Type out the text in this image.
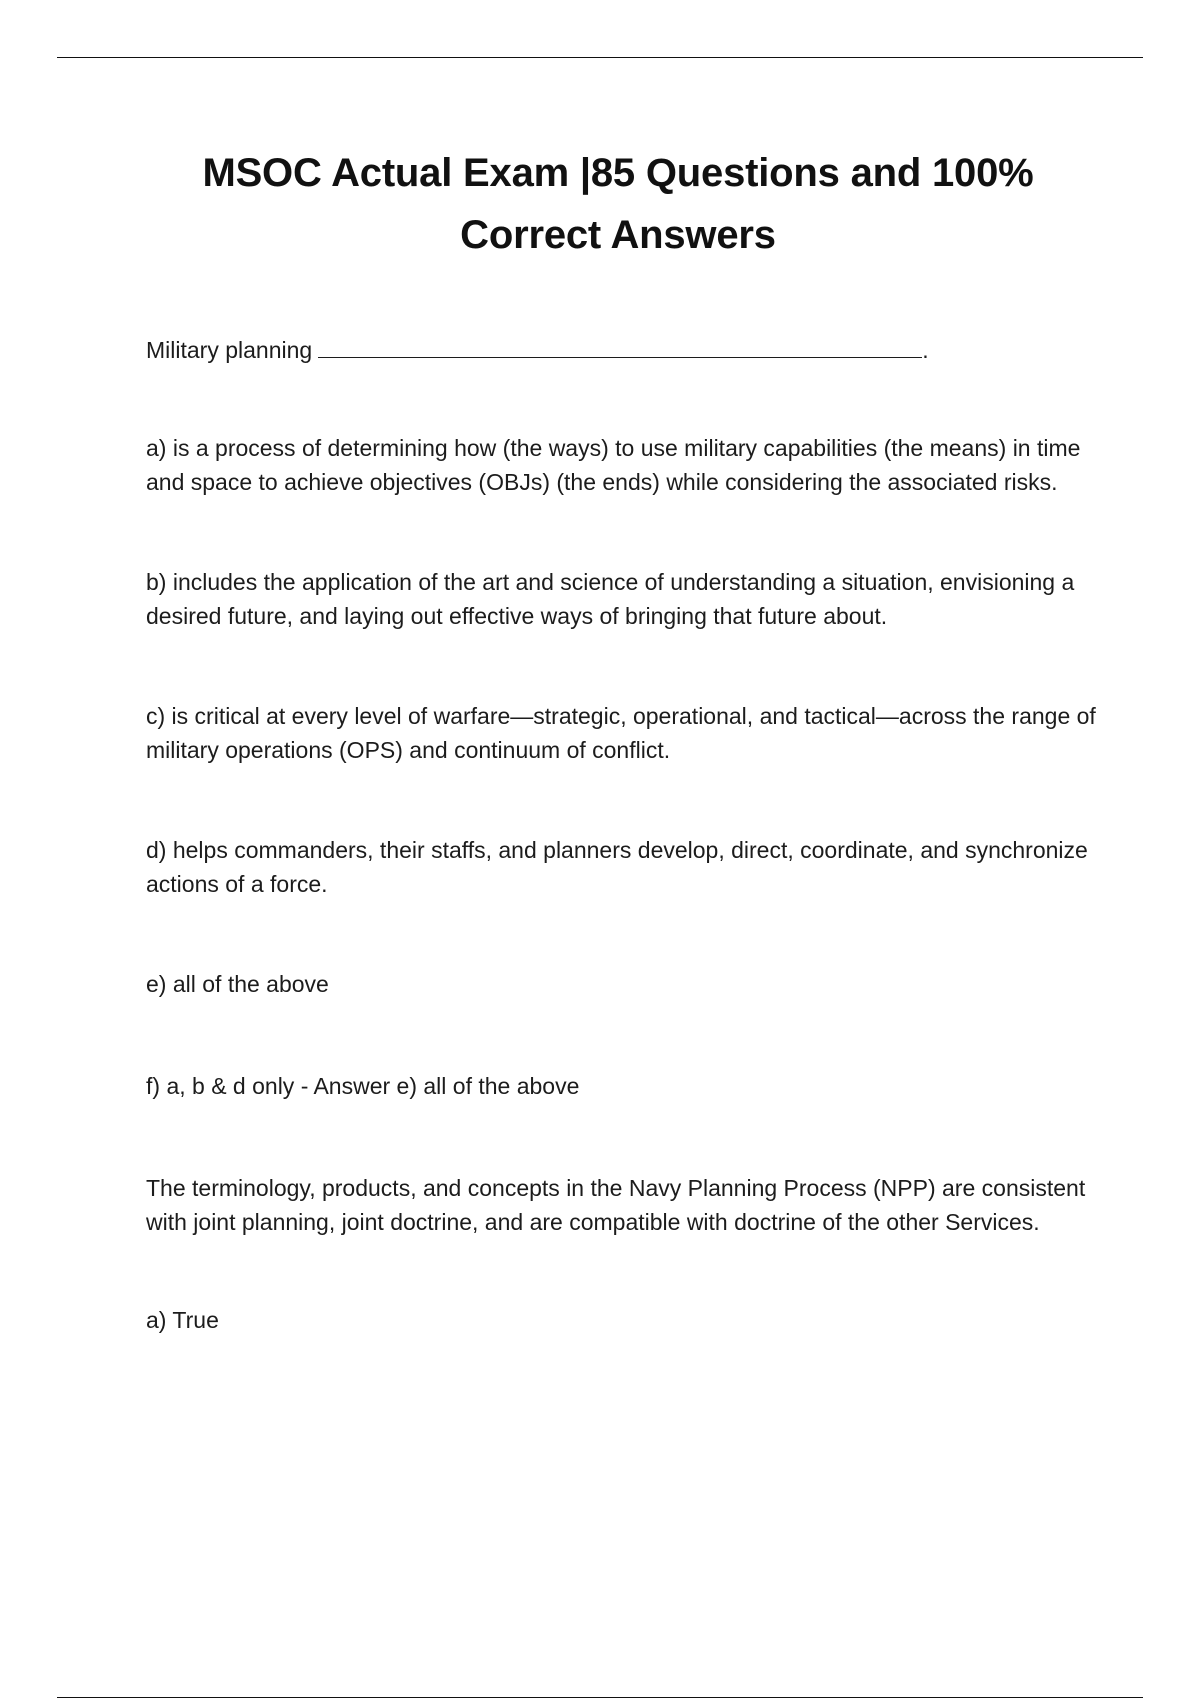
MSOC Actual Exam |85 Questions and 100% Correct Answers

Military planning	.

a) is a process of determining how (the ways) to use military capabilities (the means) in time and space to achieve objectives (OBJs) (the ends) while considering the associated risks.

b) includes the application of the art and science of understanding a situation, envisioning a desired future, and laying out effective ways of bringing that future about.

c) is critical at every level of warfare—strategic, operational, and tactical—across the range of military operations (OPS) and continuum of conflict.

d) helps commanders, their staffs, and planners develop, direct, coordinate, and synchronize actions of a force.

e) all of the above

f) a, b & d only - Answer e) all of the above

The terminology, products, and concepts in the Navy Planning Process (NPP) are consistent with joint planning, joint doctrine, and are compatible with doctrine of the other Services.

a) True
